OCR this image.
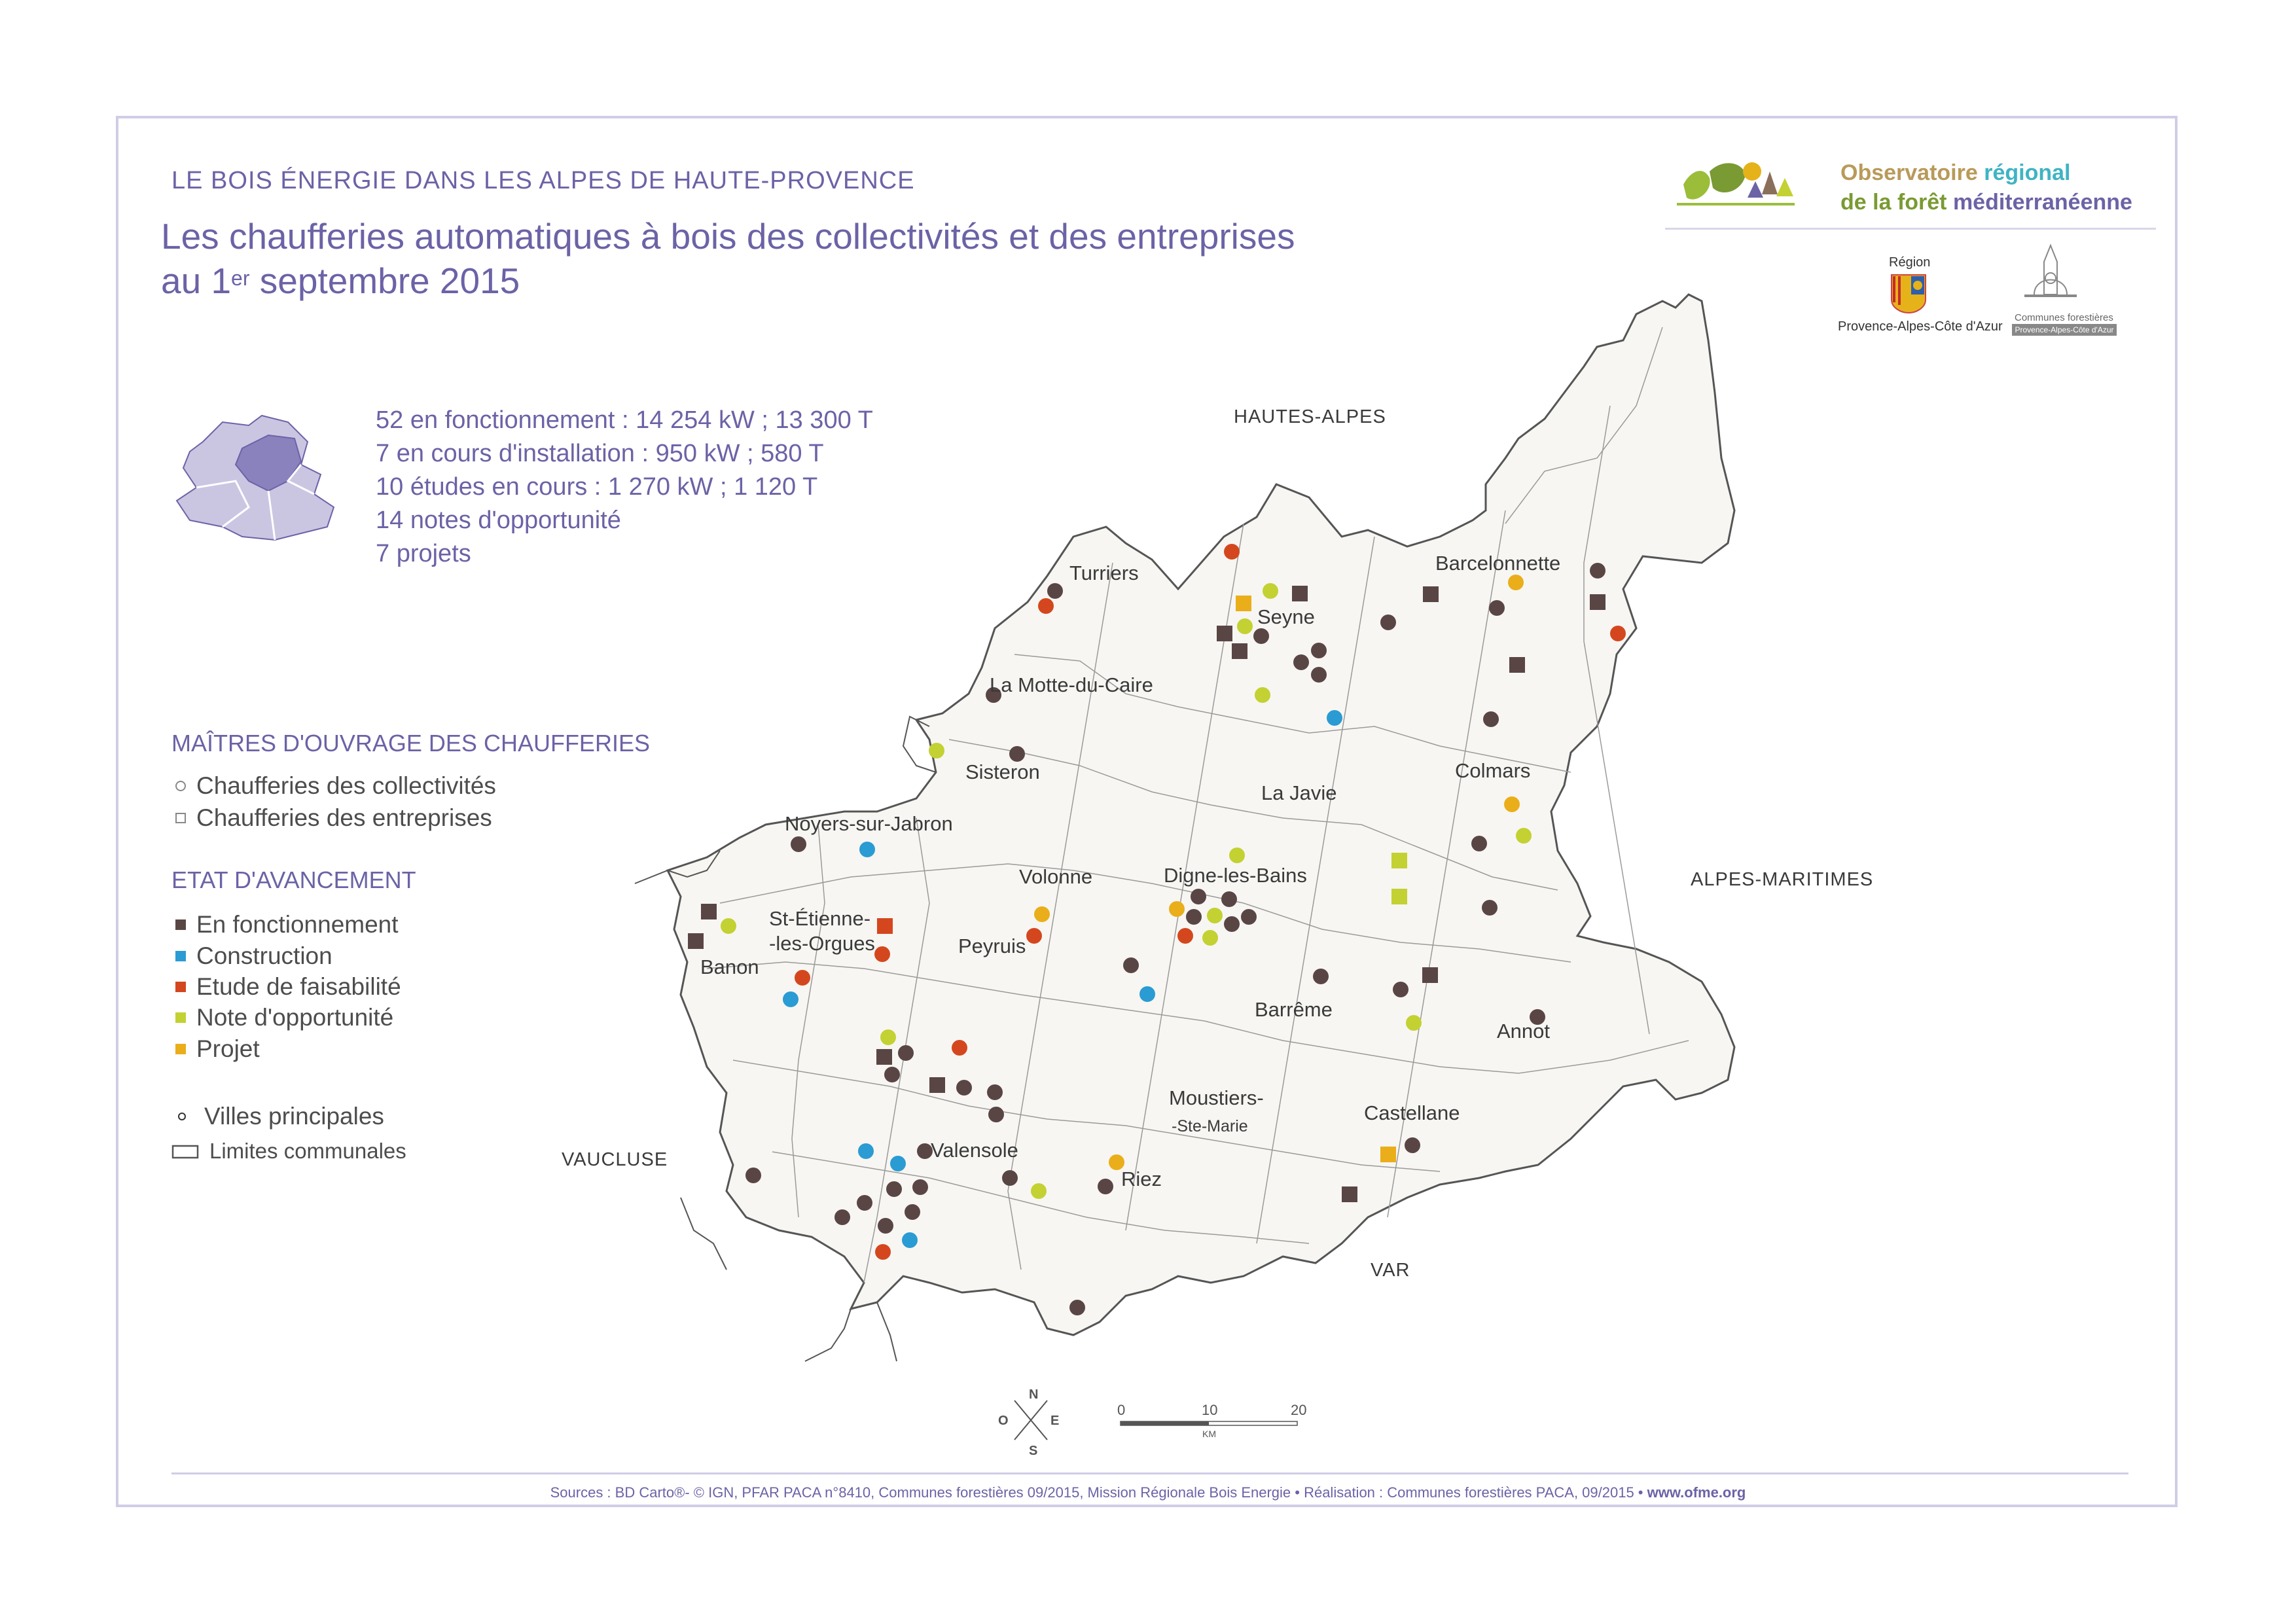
LE BOIS ÉNERGIE DANS LES ALPES DE HAUTE-PROVENCE
Les chaufferies automatiques à bois des collectivités et des entreprises
au 1er septembre 2015
52 en fonctionnement : 14 254 kW ; 13 300 T
7 en cours d'installation : 950 kW ; 580 T
10 études en cours : 1 270 kW ; 1 120 T
14 notes d'opportunité
7 projets
MAÎTRES D'OUVRAGE DES CHAUFFERIES
Chaufferies des collectivités
Chaufferies des entreprises
ETAT D'AVANCEMENT
En fonctionnement
Construction
Etude de faisabilité
Note d'opportunité
Projet
Villes principales
Limites communales
HAUTES-ALPES
ALPES-MARITIMES
VAUCLUSE
VAR
Turriers
Seyne
Barcelonnette
La Motte-du-Caire
Sisteron
La Javie
Colmars
Noyers-sur-Jabron
Volonne	Digne-les-Bains
St-Étienne-
-les-Orgues	Peyruis
Banon
Barrême
Annot
Moustiers-
-Ste-Marie
Castellane
Valensole
Riez
N
S
E
O
0	10	20
KM
Observatoire régional
de la forêt méditerranéenne
Région
Provence-Alpes-Côte d'Azur
Communes forestières
Provence-Alpes-Côte d'Azur
Sources : BD Carto®- © IGN, PFAR PACA n°8410, Communes forestières 09/2015, Mission Régionale Bois Energie • Réalisation : Communes forestières PACA, 09/2015 • www.ofme.org
